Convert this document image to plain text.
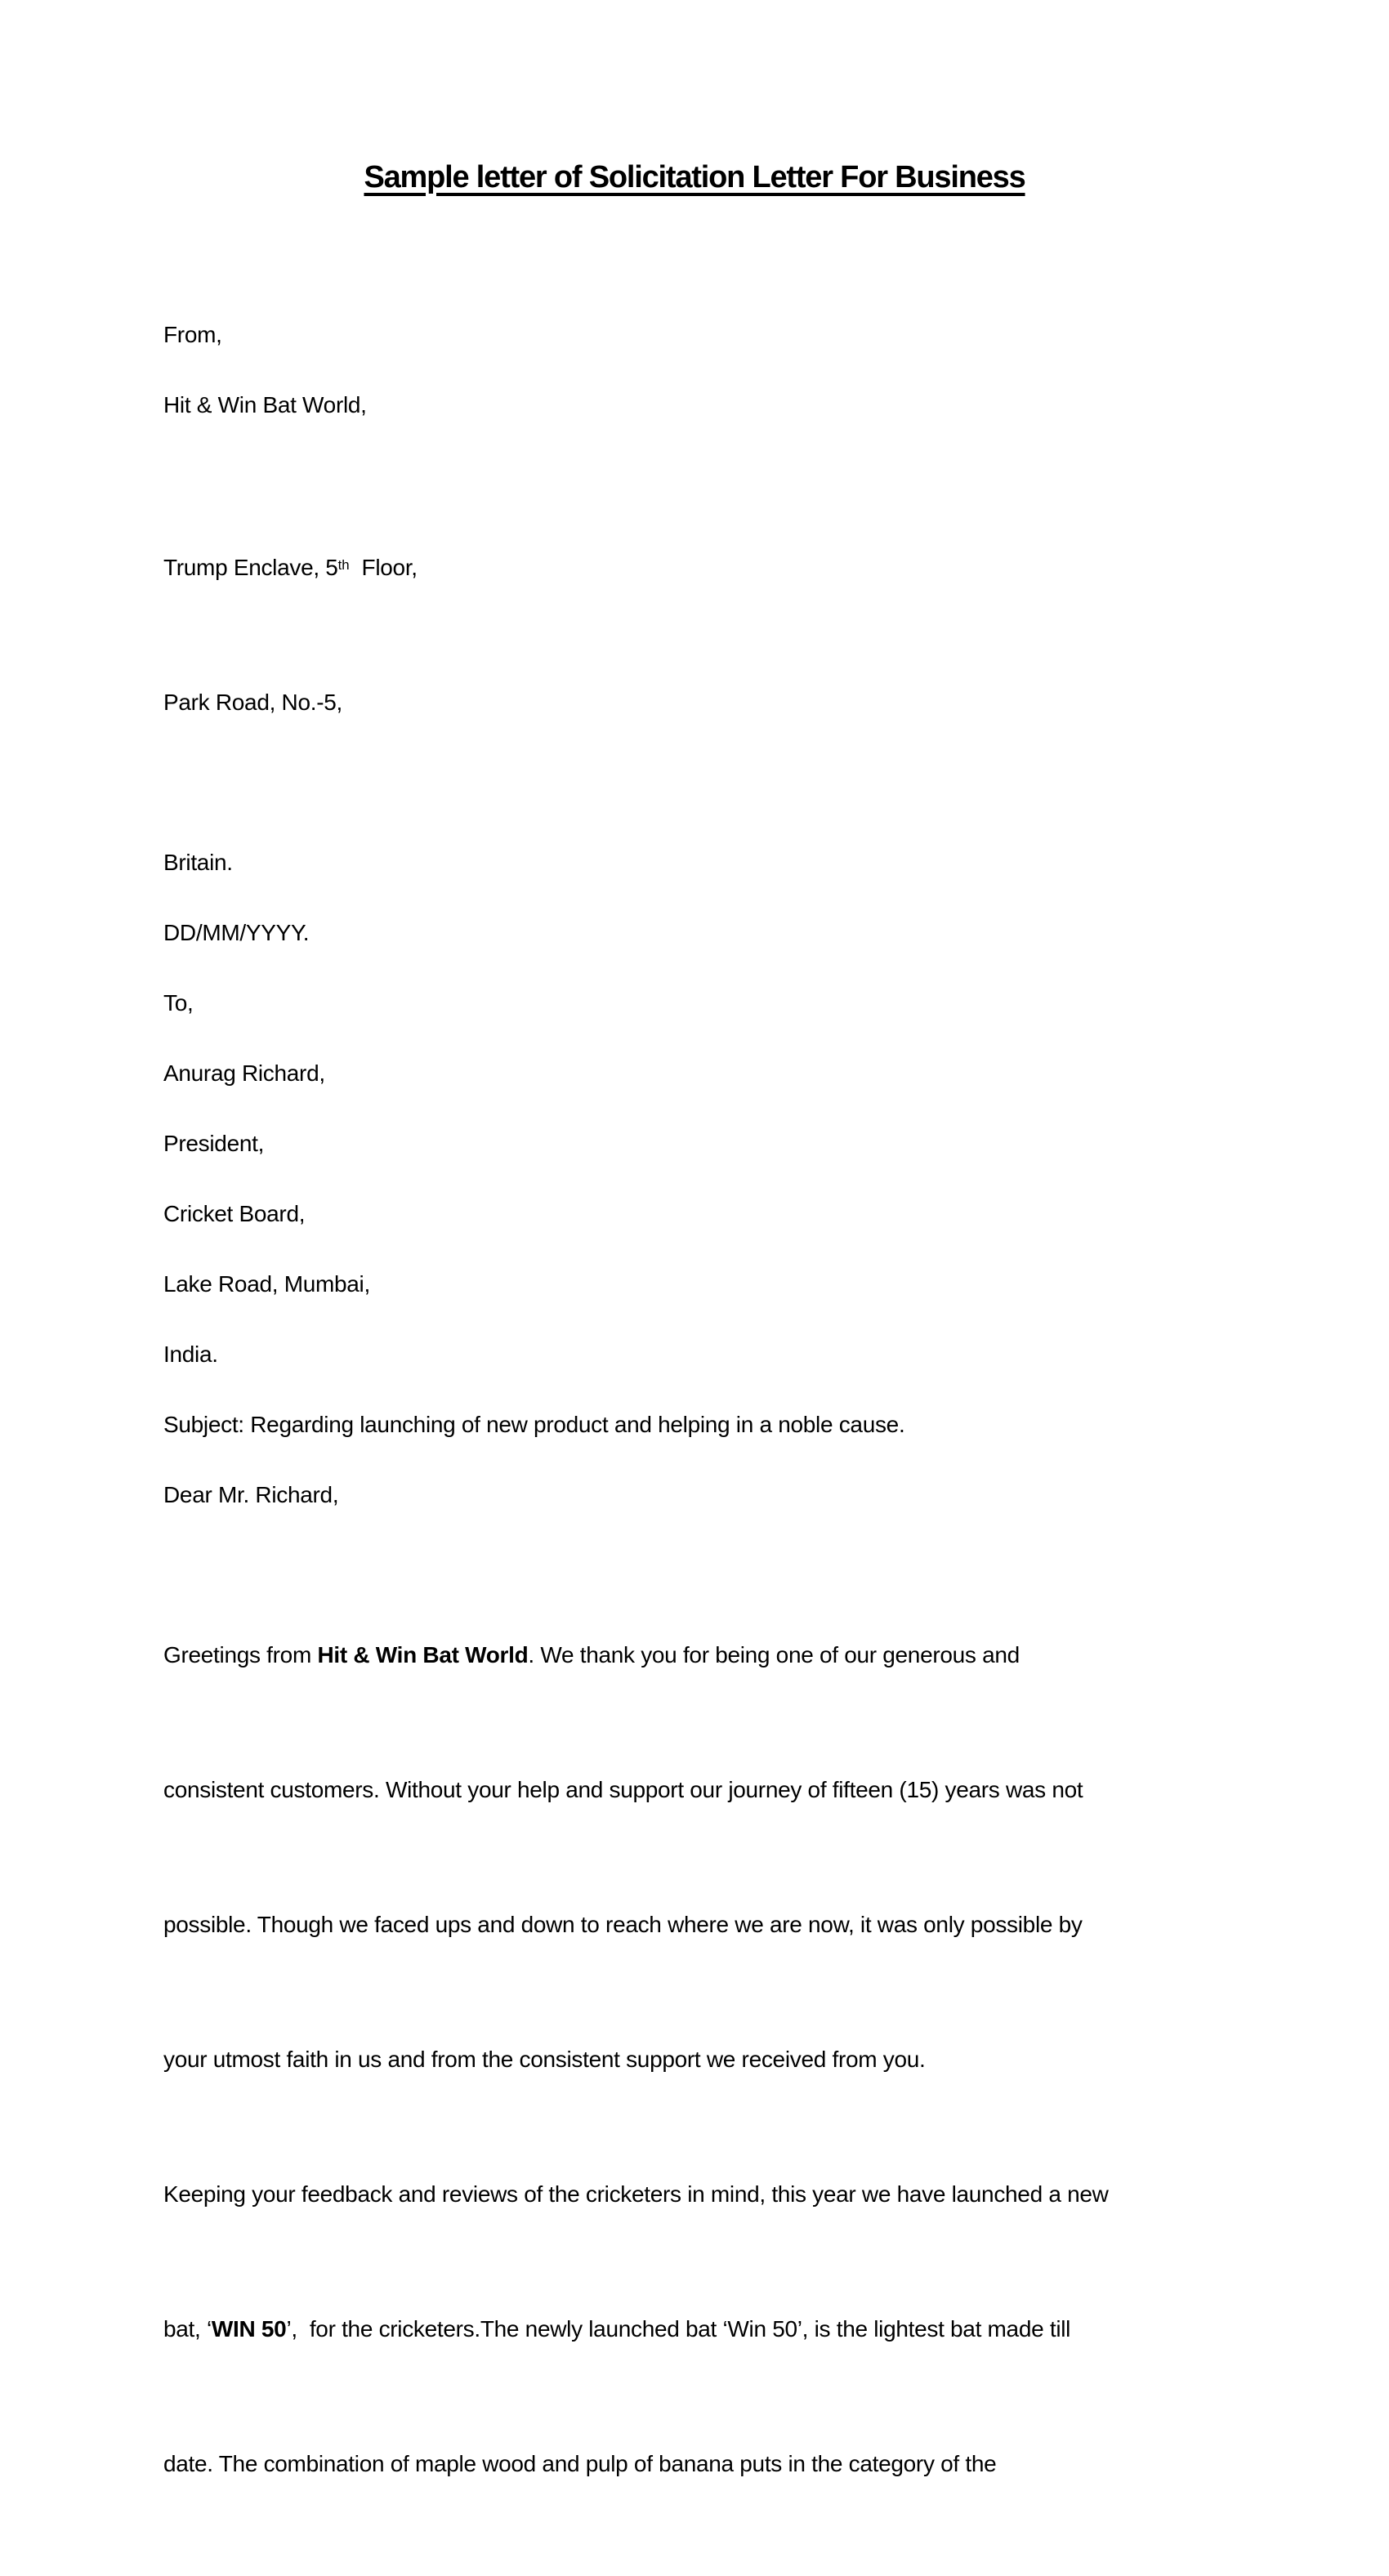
Sample letter of Solicitation Letter For Business

From,

Hit & Win Bat World,

Trump Enclave, 5th  Floor,

Park Road, No.-5,

Britain.

DD/MM/YYYY.

To,

Anurag Richard,

President,

Cricket Board,

Lake Road, Mumbai,

India.

Subject: Regarding launching of new product and helping in a noble cause.

Dear Mr. Richard,

Greetings from Hit & Win Bat World. We thank you for being one of our generous and

consistent customers. Without your help and support our journey of fifteen (15) years was not

possible. Though we faced ups and down to reach where we are now, it was only possible by

your utmost faith in us and from the consistent support we received from you.

Keeping your feedback and reviews of the cricketers in mind, this year we have launched a new

bat, ‘WIN 50’,  for the cricketers.The newly launched bat ‘Win 50’, is the lightest bat made till

date. The combination of maple wood and pulp of banana puts in the category of the
